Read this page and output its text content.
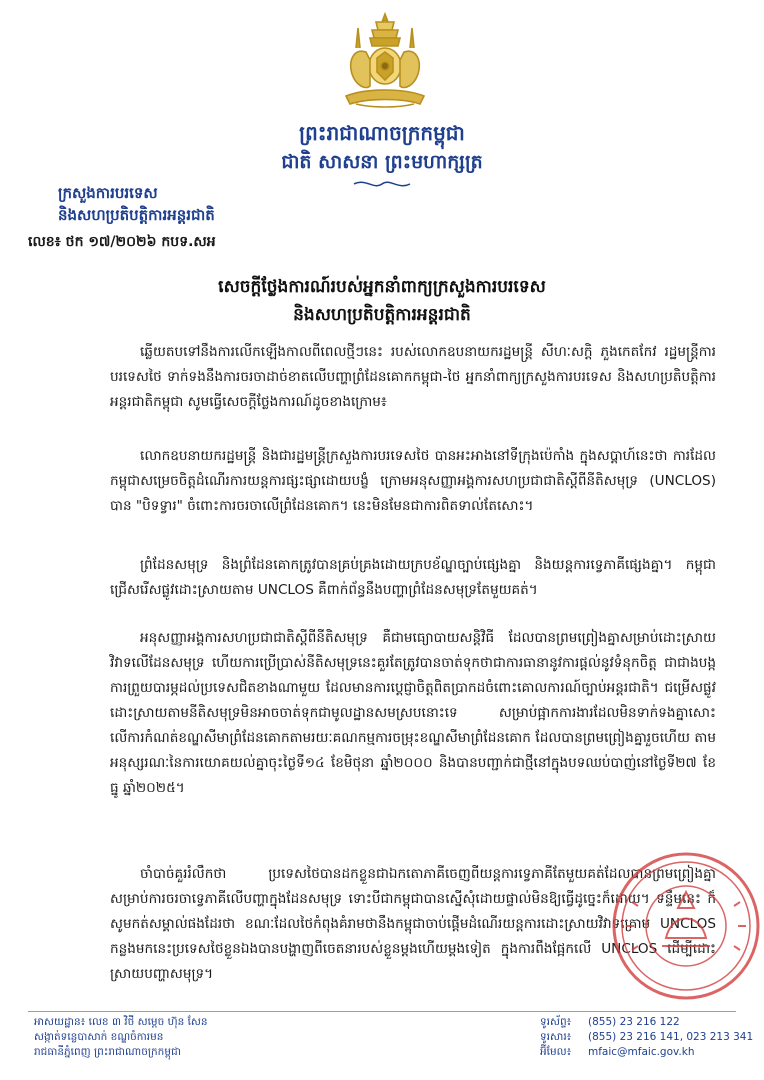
ព្រះរាជាណាចក្រកម្ពុជា
ជាតិ សាសនា ព្រះមហាក្សត្រ
ក្រសួងការបរទេស
និងសហប្រតិបត្តិការអន្តរជាតិ
លេខ៖ ថក ១៧/២០២៦ កបទ.សអ
សេចក្ដីថ្លែងការណ៍របស់អ្នកនាំពាក្យក្រសួងការបរទេស
និងសហប្រតិបត្តិការអន្តរជាតិ

ឆ្លើយតបទៅនឹងការលើកឡើងកាលពីពេលថ្មីៗនេះ របស់លោកឧបនាយករដ្ឋមន្ត្រី សីហៈសក្តិ ភួងកេតកែវ រដ្ឋមន្ត្រីការបរទេសថៃ ទាក់ទងនឹងការចរចាដាច់ខាតលើបញ្ហាព្រំដែនគោកកម្ពុជា-ថៃ អ្នកនាំពាក្យក្រសួងការបរទេស និងសហប្រតិបត្តិការអន្តរជាតិកម្ពុជា សូមធ្វើសេចក្ដីថ្លែងការណ៍ដូចខាងក្រោម៖

លោកឧបនាយករដ្ឋមន្ត្រី និងជារដ្ឋមន្ត្រីក្រសួងការបរទេសថៃ បានអះអាងនៅទីក្រុងប៉េកាំង ក្នុងសប្តាហ៍នេះថា ការដែលកម្ពុជាសម្រេចចិត្តដំណើរការយន្តការផ្សះផ្សាដោយបង្ខំ ក្រោមអនុសញ្ញាអង្គការសហប្រជាជាតិស្តីពីនីតិសមុទ្រ (UNCLOS) បាន "បិទទ្វារ" ចំពោះការចរចាលើព្រំដែនគោក។ នេះមិនមែនជាការពិតទាល់តែសោះ។

ព្រំដែនសមុទ្រ និងព្រំដែនគោកត្រូវបានគ្រប់គ្រងដោយក្របខ័ណ្ឌច្បាប់ផ្សេងគ្នា និងយន្តការទ្វេភាគីផ្សេងគ្នា។ កម្ពុជាជ្រើសរើសផ្លូវដោះស្រាយតាម UNCLOS គឺពាក់ព័ន្ធនឹងបញ្ហាព្រំដែនសមុទ្រតែមួយគត់។

អនុសញ្ញាអង្គការសហប្រជាជាតិស្តីពីនីតិសមុទ្រ គឺជាមធ្យោបាយសន្តិវិធី ដែលបានព្រមព្រៀងគ្នាសម្រាប់ដោះស្រាយវិវាទលើដែនសមុទ្រ ហើយការប្រើប្រាស់នីតិសមុទ្រនេះគួរតែត្រូវបានចាត់ទុកថាជាការធានានូវការផ្តល់នូវទំនុកចិត្ត ជាជាងបង្កការព្រួយបារម្ភដល់ប្រទេសជិតខាងណាមួយ ដែលមានការប្តេជ្ញាចិត្តពិតប្រាកដចំពោះគោលការណ៍ច្បាប់អន្តរជាតិ។ ជម្រើសផ្លូវដោះស្រាយតាមនីតិសមុទ្រមិនអាចចាត់ទុកជាមូលដ្ឋានសមស្របនោះទេ សម្រាប់ផ្អាកការងារដែលមិនទាក់ទងគ្នាសោះ លើការកំណត់ខណ្ឌសីមាព្រំដែនគោកតាមរយៈគណកម្មការចម្រុះខណ្ឌសីមាព្រំដែនគោក ដែលបានព្រមព្រៀងគ្នារួចហើយ តាមអនុស្សរណៈនៃការយោគយល់គ្នាចុះថ្ងៃទី១៤ ខែមិថុនា ឆ្នាំ២០០០ និងបានបញ្ជាក់ជាថ្មីនៅក្នុងបទឈប់បាញ់នៅថ្ងៃទី២៧ ខែធ្នូ ឆ្នាំ២០២៥។

ចាំបាច់គួររំលឹកថា ប្រទេសថៃបានដកខ្លួនជាឯកតោភាគីចេញពីយន្តការទ្វេភាគីតែមួយគត់ដែលបានព្រមព្រៀងគ្នាសម្រាប់ការចរចាទ្វេភាគីលើបញ្ហាក្នុងដែនសមុទ្រ ទោះបីជាកម្ពុជាបានស្នើសុំដោយផ្ទាល់មិនឱ្យធ្វើដូច្នេះក៏ដោយ។ ទន្ទឹមនេះ ក៏សូមកត់សម្គាល់ផងដែរថា ខណៈដែលថៃកំពុងគំរាមថានឹងកម្ពុជាចាប់ផ្តើមដំណើរយន្តការដោះស្រាយវិវាទក្រោម UNCLOS កន្លងមកនេះប្រទេសថៃខ្លួនឯងបានបង្ហាញពីចេតនារបស់ខ្លួនម្តងហើយម្តងទៀត ក្នុងការពឹងផ្អែកលើ UNCLOS ដើម្បីដោះស្រាយបញ្ហាសមុទ្រ។

អាសយដ្ឋាន៖ លេខ ៣ វិថី សម្តេច ហ៊ុន សែន
សង្កាត់ទន្លេបាសាក់ ខណ្ឌចំការមន
រាជធានីភ្នំពេញ ព្រះរាជាណាចក្រកម្ពុជា
ទូរស័ព្ទ៖ (855) 23 216 122
ទូរសារ៖ (855) 23 216 141, 023 213 341
អ៊ីមែល៖ mfaic@mfaic.gov.kh
